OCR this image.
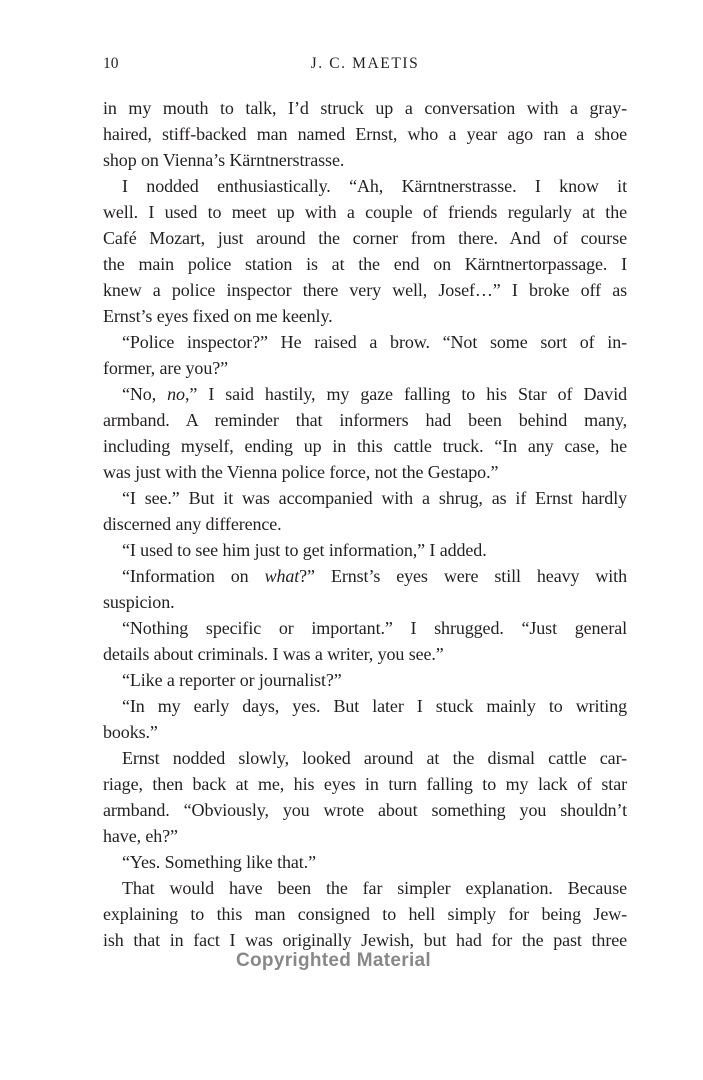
10	J. C. MAETIS
in my mouth to talk, I’d struck up a conversation with a gray-
haired, stiff-backed man named Ernst, who a year ago ran a shoe
shop on Vienna’s Kärntnerstrasse.
I nodded enthusiastically. “Ah, Kärntnerstrasse. I know it
well. I used to meet up with a couple of friends regularly at the
Café Mozart, just around the corner from there. And of course
the main police station is at the end on Kärntnertorpassage. I
knew a police inspector there very well, Josef…” I broke off as
Ernst’s eyes fixed on me keenly.
“Police inspector?” He raised a brow. “Not some sort of in-
former, are you?”
“No, no,” I said hastily, my gaze falling to his Star of David
armband. A reminder that informers had been behind many,
including myself, ending up in this cattle truck. “In any case, he
was just with the Vienna police force, not the Gestapo.”
“I see.” But it was accompanied with a shrug, as if Ernst hardly
discerned any difference.
“I used to see him just to get information,” I added.
“Information on what?” Ernst’s eyes were still heavy with
suspicion.
“Nothing specific or important.” I shrugged. “Just general
details about criminals. I was a writer, you see.”
“Like a reporter or journalist?”
“In my early days, yes. But later I stuck mainly to writing
books.”
Ernst nodded slowly, looked around at the dismal cattle car-
riage, then back at me, his eyes in turn falling to my lack of star
armband. “Obviously, you wrote about something you shouldn’t
have, eh?”
“Yes. Something like that.”
That would have been the far simpler explanation. Because
explaining to this man consigned to hell simply for being Jew-
ish that in fact I was originally Jewish, but had for the past three
Copyrighted Material
